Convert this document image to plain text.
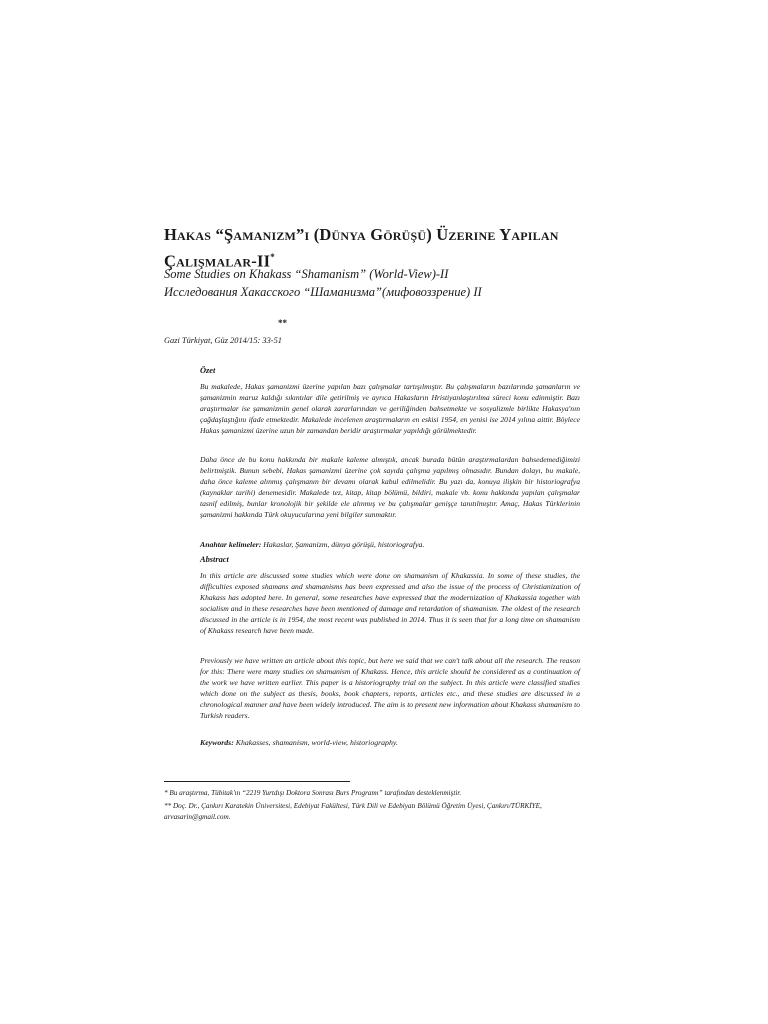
Hakas “Şamanizm”i (Dünya Görüşü) Üzerine Yapılan
Çalışmalar-II*

Some Studies on Khakass “Shamanism” (World-View)-II

Исследования Хакасского “Шаманизма”(мифовоззрение) II

**
Gazi Türkiyat, Güz 2014/15: 33-51

Özet

Bu makalede, Hakas şamanizmi üzerine yapılan bazı çalışmalar tartışılmıştır. Bu çalışmaların bazılarında şamanların ve şamanizmin maruz kaldığı sıkıntılar dile getirilmiş ve ayrıca Hakasların Hristiyanlaştırılma süreci konu edinmiştir. Bazı araştırmalar ise şamanizmin genel olarak zararlarından ve geriliğinden bahsetmekte ve sosyalizmle birlikte Hakasya'nın çağdaşlaştığını ifade etmektedir. Makalede incelenen araştırmaların en eskisi 1954, en yenisi ise 2014 yılına aittir. Böylece Hakas şamanizmi üzerine uzun bir zamandan beridir araştırmalar yapıldığı görülmektedir.

Daha önce de bu konu hakkında bir makale kaleme almıştık, ancak burada bütün araştırmalardan bahsedemediğimizi belirtmiştik. Bunun sebebi, Hakas şamanizmi üzerine çok sayıda çalışma yapılmış olmasıdır. Bundan dolayı, bu makale, daha önce kaleme alınmış çalışmanın bir devamı olarak kabul edilmelidir. Bu yazı da, konuya ilişkin bir historiografya (kaynaklar tarihi) denemesidir. Makalede tez, kitap, kitap bölümü, bildiri, makale vb. konu hakkında yapılan çalışmalar tasnif edilmiş, bunlar kronolojik bir şekilde ele alınmış ve bu çalışmalar genişçe tanıtılmıştır. Amaç, Hakas Türklerinin şamanizmi hakkında Türk okuyucularına yeni bilgiler sunmaktır.

Anahtar kelimeler: Hakaslar, Şamanizm, dünya görüşü, historiografya.

Abstract

In this article are discussed some studies which were done on shamanism of Khakassia. In some of these studies, the difficulties exposed shamans and shamanisms has been expressed and also the issue of the process of Christianization of Khakass has adopted here. In general, some researches have expressed that the modernization of Khakassia together with socialism and in these researches have been mentioned of damage and retardation of shamanism. The oldest of the research discussed in the article is in 1954, the most recent was published in 2014. Thus it is seen that for a long time on shamanism of Khakass research have been made.

Previously we have written an article about this topic, but here we said that we can't talk about all the research. The reason for this: There were many studies on shamanism of Khakass. Hence, this article should be considered as a continuation of the work we have written earlier. This paper is a historiography trial on the subject. In this article were classified studies which done on the subject as thesis, books, book chapters, reports, articles etc., and these studies are discussed in a chronological manner and have been widely introduced. The aim is to present new information about Khakass shamanism to Turkish readers.

Keywords: Khakasses, shamanism, world-view, historiography.

* Bu araştırma, Tübitak'ın “2219 Yurtdışı Doktora Sonrası Burs Programı” tarafından desteklenmiştir.

** Doç. Dr., Çankırı Karatekin Üniversitesi, Edebiyat Fakültesi, Türk Dili ve Edebiyatı Bölümü Öğretim Üyesi, Çankırı/TÜRKİYE, arvasarin@gmail.com.
